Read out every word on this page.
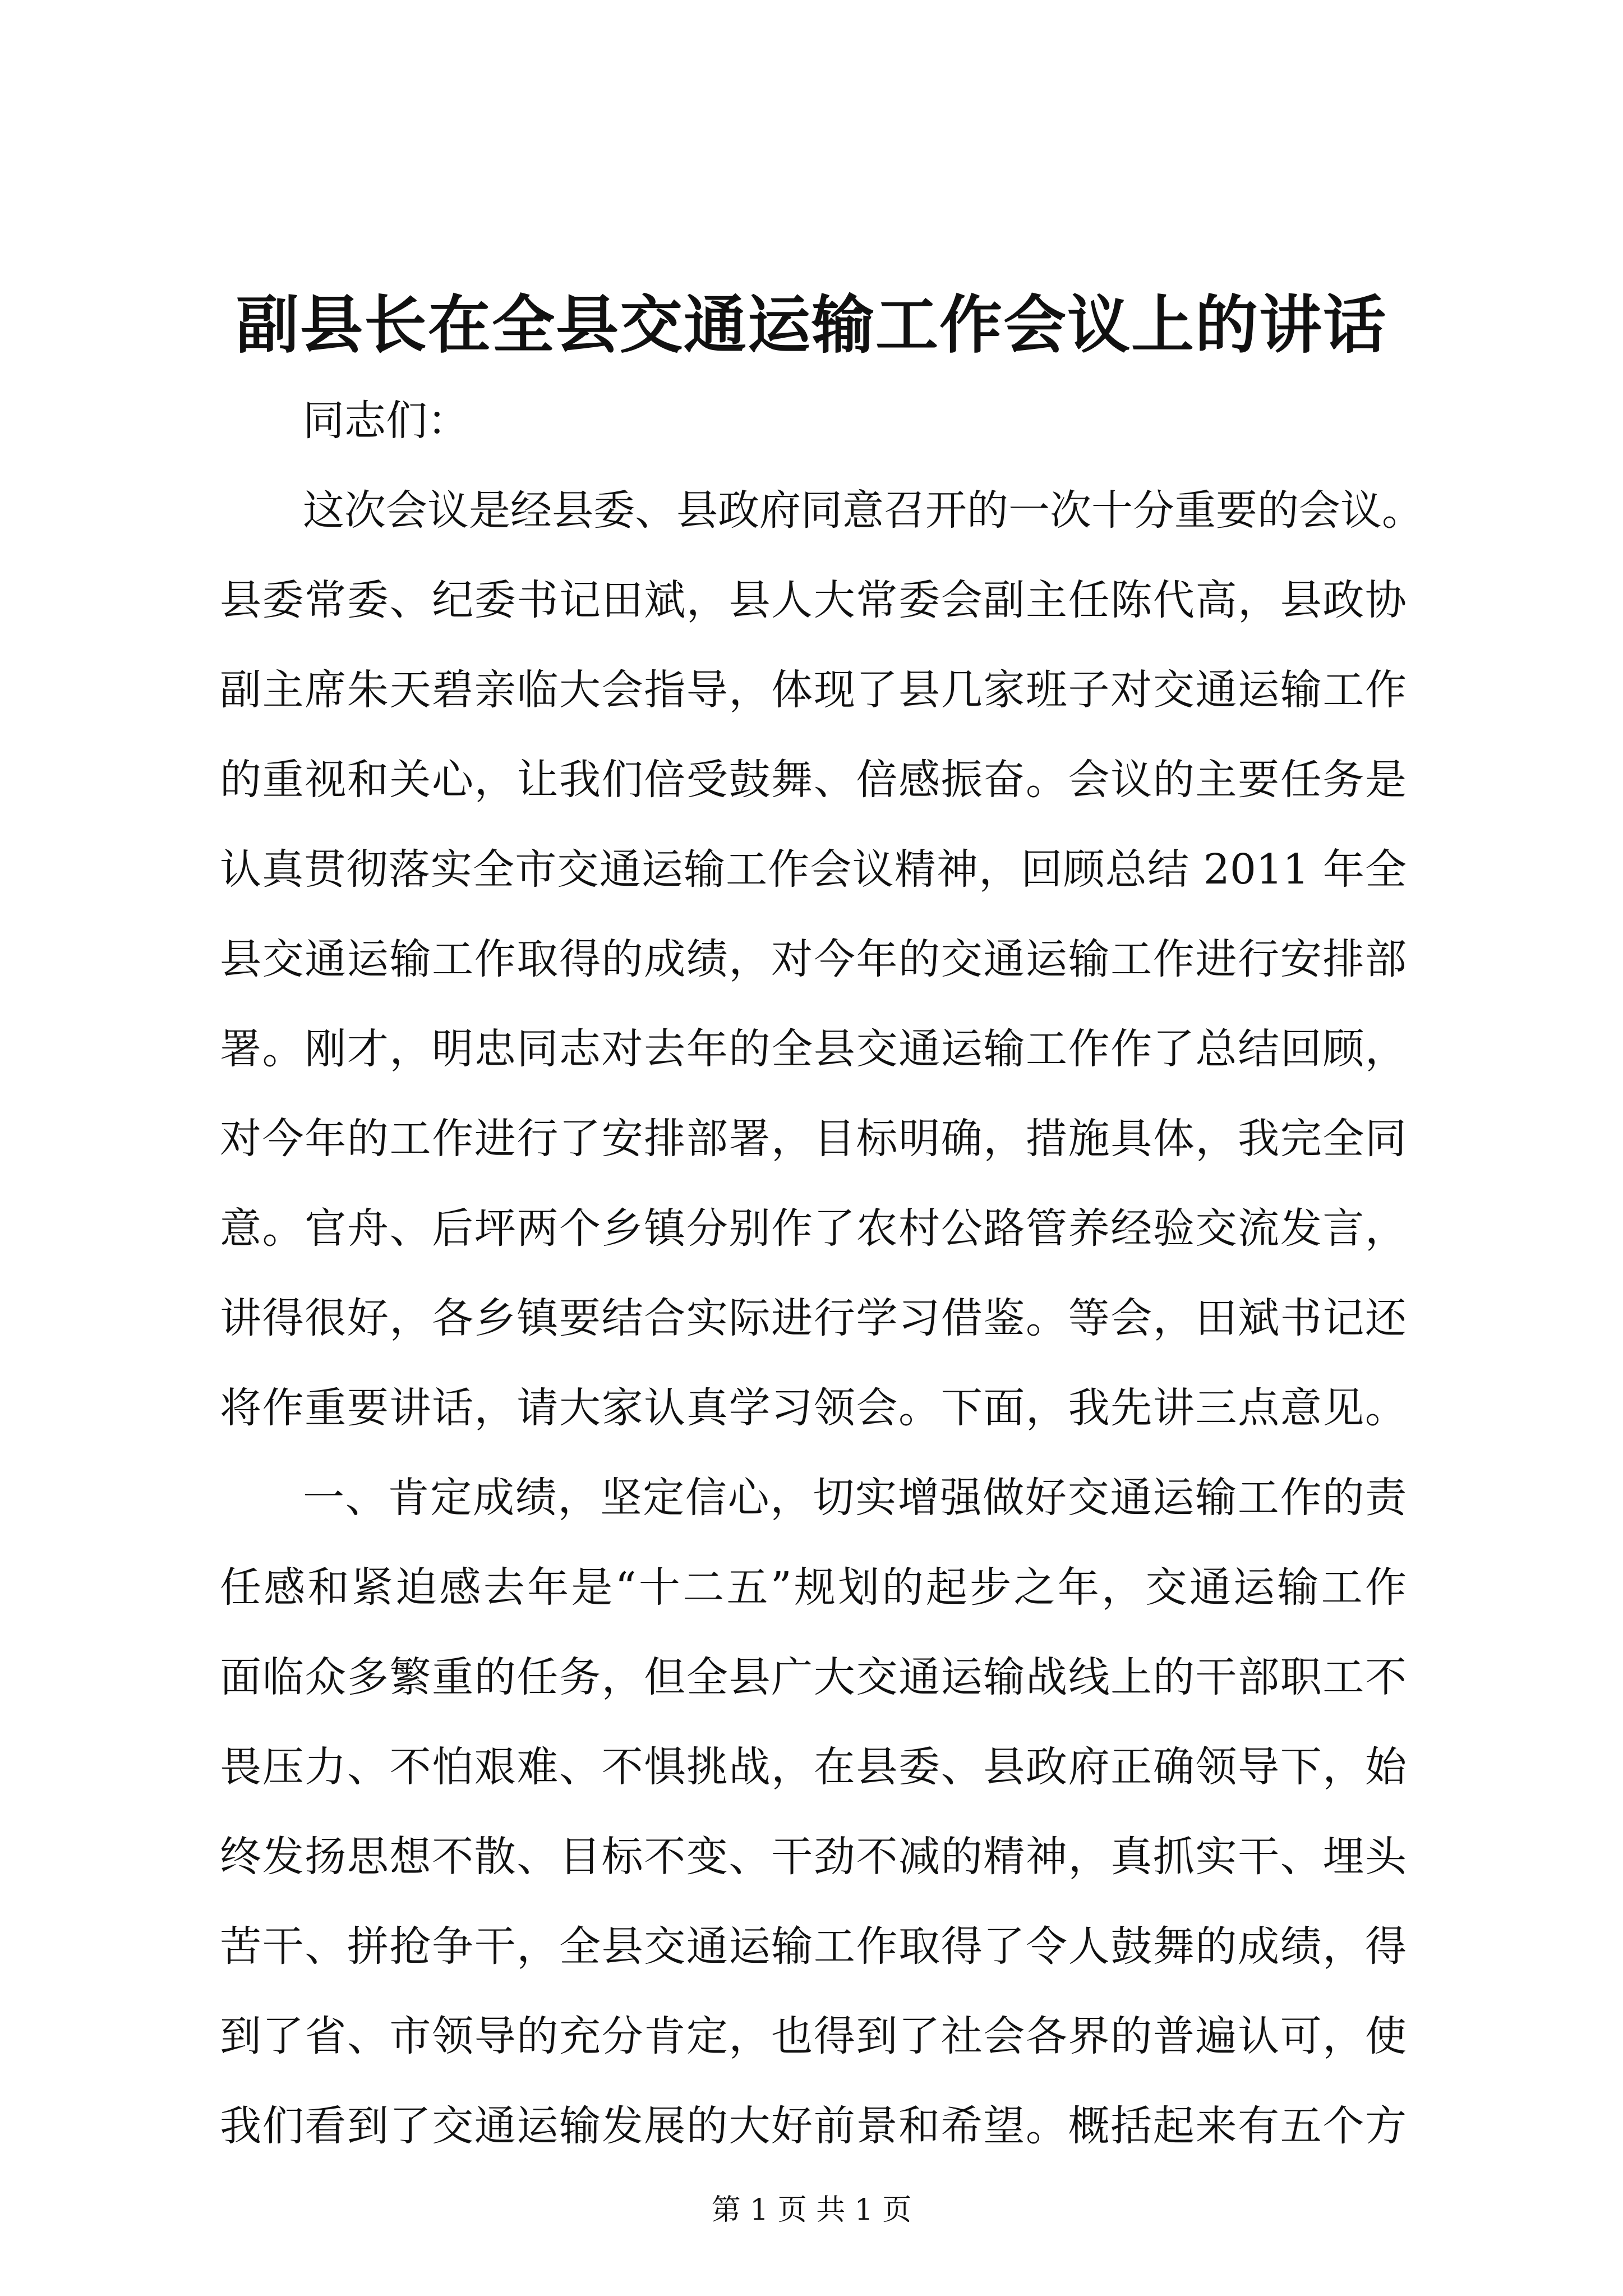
副县长在全县交通运输工作会议上的讲话
同志们：
这次会议是经县委、县政府同意召开的一次十分重要的会议。
县委常委、纪委书记田斌，县人大常委会副主任陈代高，县政协
副主席朱天碧亲临大会指导，体现了县几家班子对交通运输工作
的重视和关心，让我们倍受鼓舞、倍感振奋。会议的主要任务是
认真贯彻落实全市交通运输工作会议精神，回顾总结 2011 年全
县交通运输工作取得的成绩，对今年的交通运输工作进行安排部
署。刚才，明忠同志对去年的全县交通运输工作作了总结回顾，
对今年的工作进行了安排部署，目标明确，措施具体，我完全同
意。官舟、后坪两个乡镇分别作了农村公路管养经验交流发言，
讲得很好，各乡镇要结合实际进行学习借鉴。等会，田斌书记还
将作重要讲话，请大家认真学习领会。下面，我先讲三点意见。
一、肯定成绩，坚定信心，切实增强做好交通运输工作的责
任感和紧迫感去年是“十二五”规划的起步之年，交通运输工作
面临众多繁重的任务，但全县广大交通运输战线上的干部职工不
畏压力、不怕艰难、不惧挑战，在县委、县政府正确领导下，始
终发扬思想不散、目标不变、干劲不减的精神，真抓实干、埋头
苦干、拼抢争干，全县交通运输工作取得了令人鼓舞的成绩，得
到了省、市领导的充分肯定，也得到了社会各界的普遍认可，使
我们看到了交通运输发展的大好前景和希望。概括起来有五个方
第 1 页 共 1 页
